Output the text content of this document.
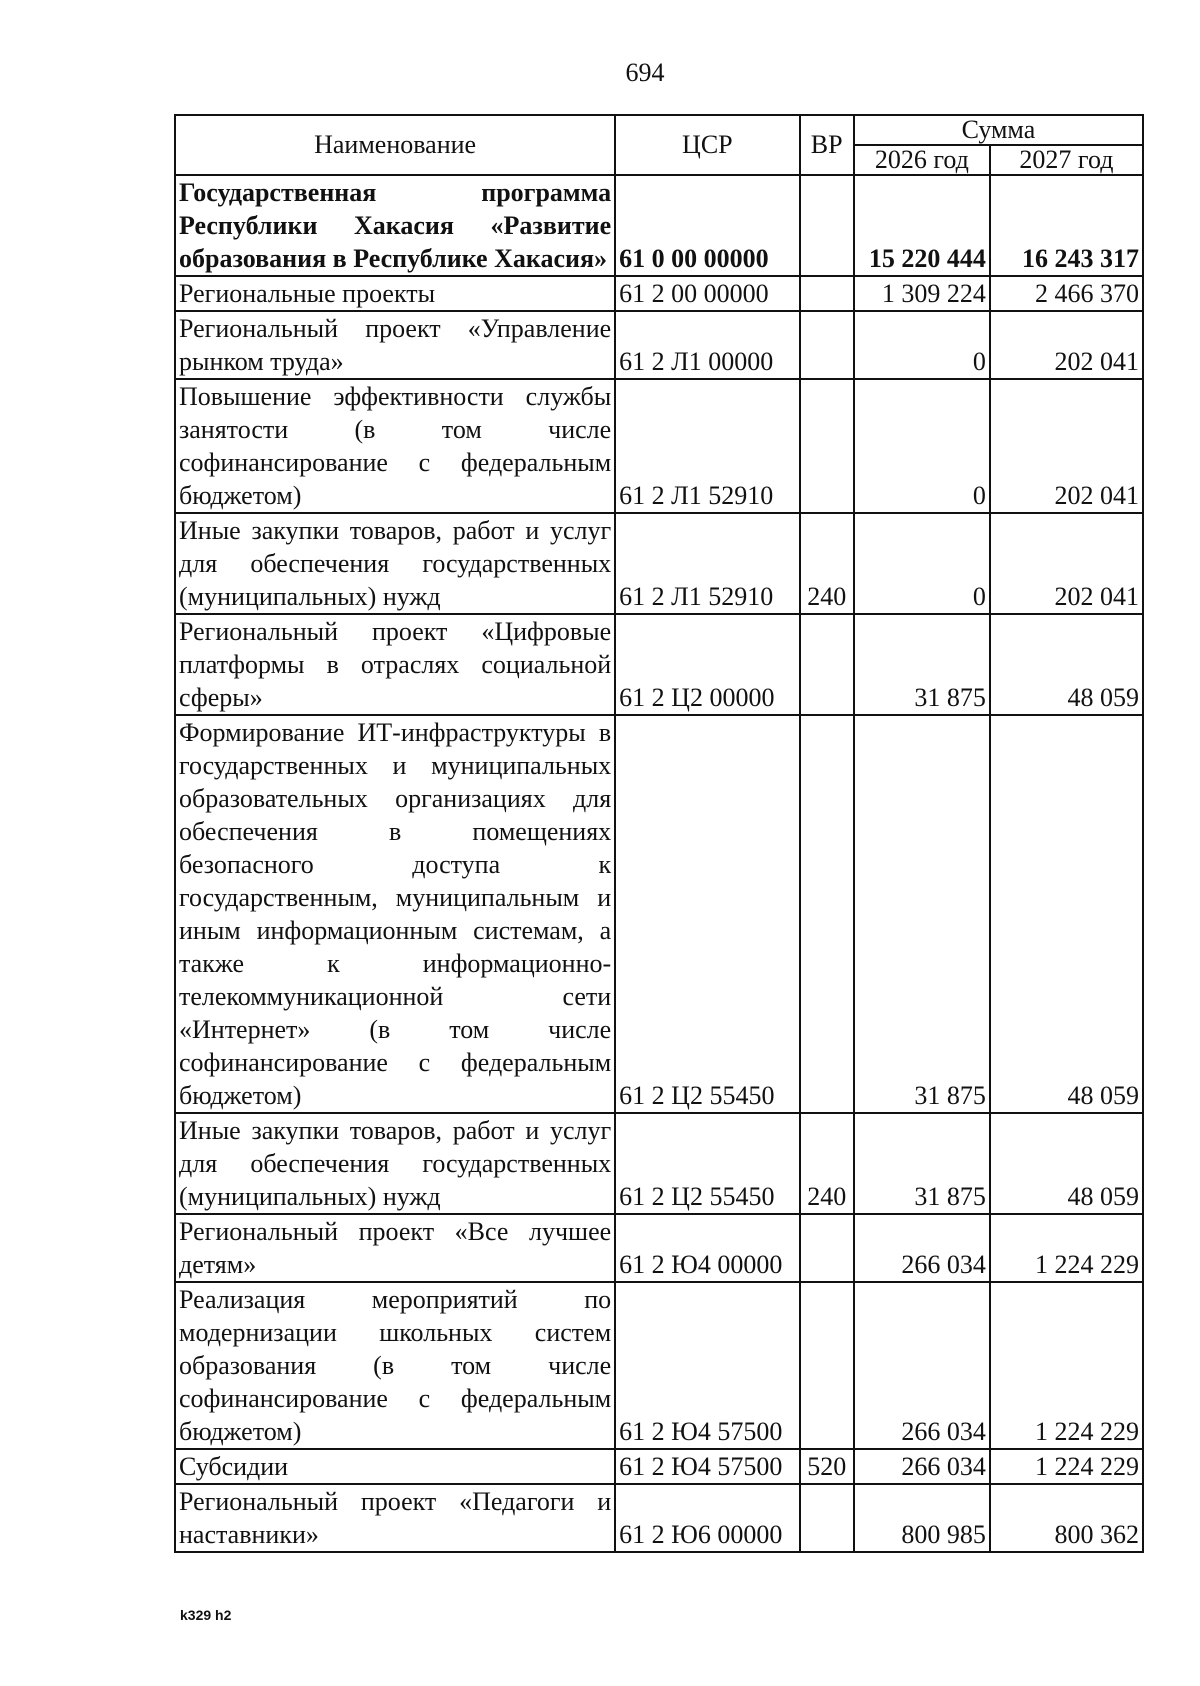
694
Наименование	ЦСР	ВР	Сумма	
			2026 год	2027 год
Государственная программа Республики Хакасия «Развитие образования в Республике Хакасия»	61 0 00 00000		15 220 444	16 243 317
Региональные проекты	61 2 00 00000		1 309 224	2 466 370
Региональный проект «Управление рынком труда»	61 2 Л1 00000		0	202 041
Повышение эффективности службы занятости (в том числе софинансирование с федеральным бюджетом)	61 2 Л1 52910		0	202 041
Иные закупки товаров, работ и услуг для обеспечения государственных (муниципальных) нужд	61 2 Л1 52910	240	0	202 041
Региональный проект «Цифровые платформы в отраслях социальной сферы»	61 2 Ц2 00000		31 875	48 059
Формирование ИТ-инфраструктуры в государственных и муниципальных образовательных организациях для обеспечения в помещениях безопасного доступа к государственным, муниципальным и иным информационным системам, а также к информационно-телекоммуникационной сети «Интернет» (в том числе софинансирование с федеральным бюджетом)	61 2 Ц2 55450		31 875	48 059
Иные закупки товаров, работ и услуг для обеспечения государственных (муниципальных) нужд	61 2 Ц2 55450	240	31 875	48 059
Региональный проект «Все лучшее детям»	61 2 Ю4 00000		266 034	1 224 229
Реализация мероприятий по модернизации школьных систем образования (в том числе софинансирование с федеральным бюджетом)	61 2 Ю4 57500		266 034	1 224 229
Субсидии	61 2 Ю4 57500	520	266 034	1 224 229
Региональный проект «Педагоги и наставники»	61 2 Ю6 00000		800 985	800 362
k329 h2
